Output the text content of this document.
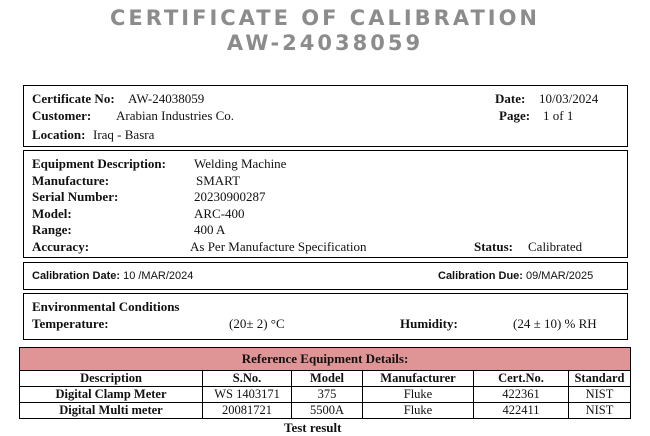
CERTIFICATE OF CALIBRATION
AW-24038059
Certificate No: AW-24038059	Date: 10/03/2024
Customer: Arabian Industries Co.	Page: 1 of 1
Location: Iraq - Basra
Equipment Description: Welding Machine
Manufacture:	SMART
Serial Number:	20230900287
Model:	ARC-400
Range:	400 A
Accuracy:	As Per Manufacture Specification	Status: Calibrated
Calibration Date: 10 /MAR/2024	Calibration Due: 09/MAR/2025
Environmental Conditions
Temperature:	(20± 2) °C	Humidity:	(24 ± 10) % RH
Reference Equipment Details:					
Description	S.No.	Model	Manufacturer	Cert.No.	Standard
Digital Clamp Meter	WS 1403171	375	Fluke	422361	NIST
Digital Multi meter	20081721	5500A	Fluke	422411	NIST
Test result
